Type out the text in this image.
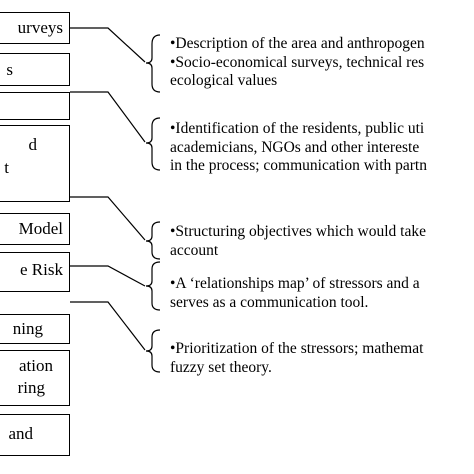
urveys
s
d
t
Model
e Risk
ning
ation
ring
and
•Description of the area and anthropogen
•Socio-economical surveys, technical res
ecological values
•Identification of the residents, public uti
academicians, NGOs and other intereste
in the process; communication with partn
•Structuring objectives which would take
account
•A ‘relationships map’ of stressors and a
serves as a communication tool.
•Prioritization of the stressors; mathemat
fuzzy set theory.
